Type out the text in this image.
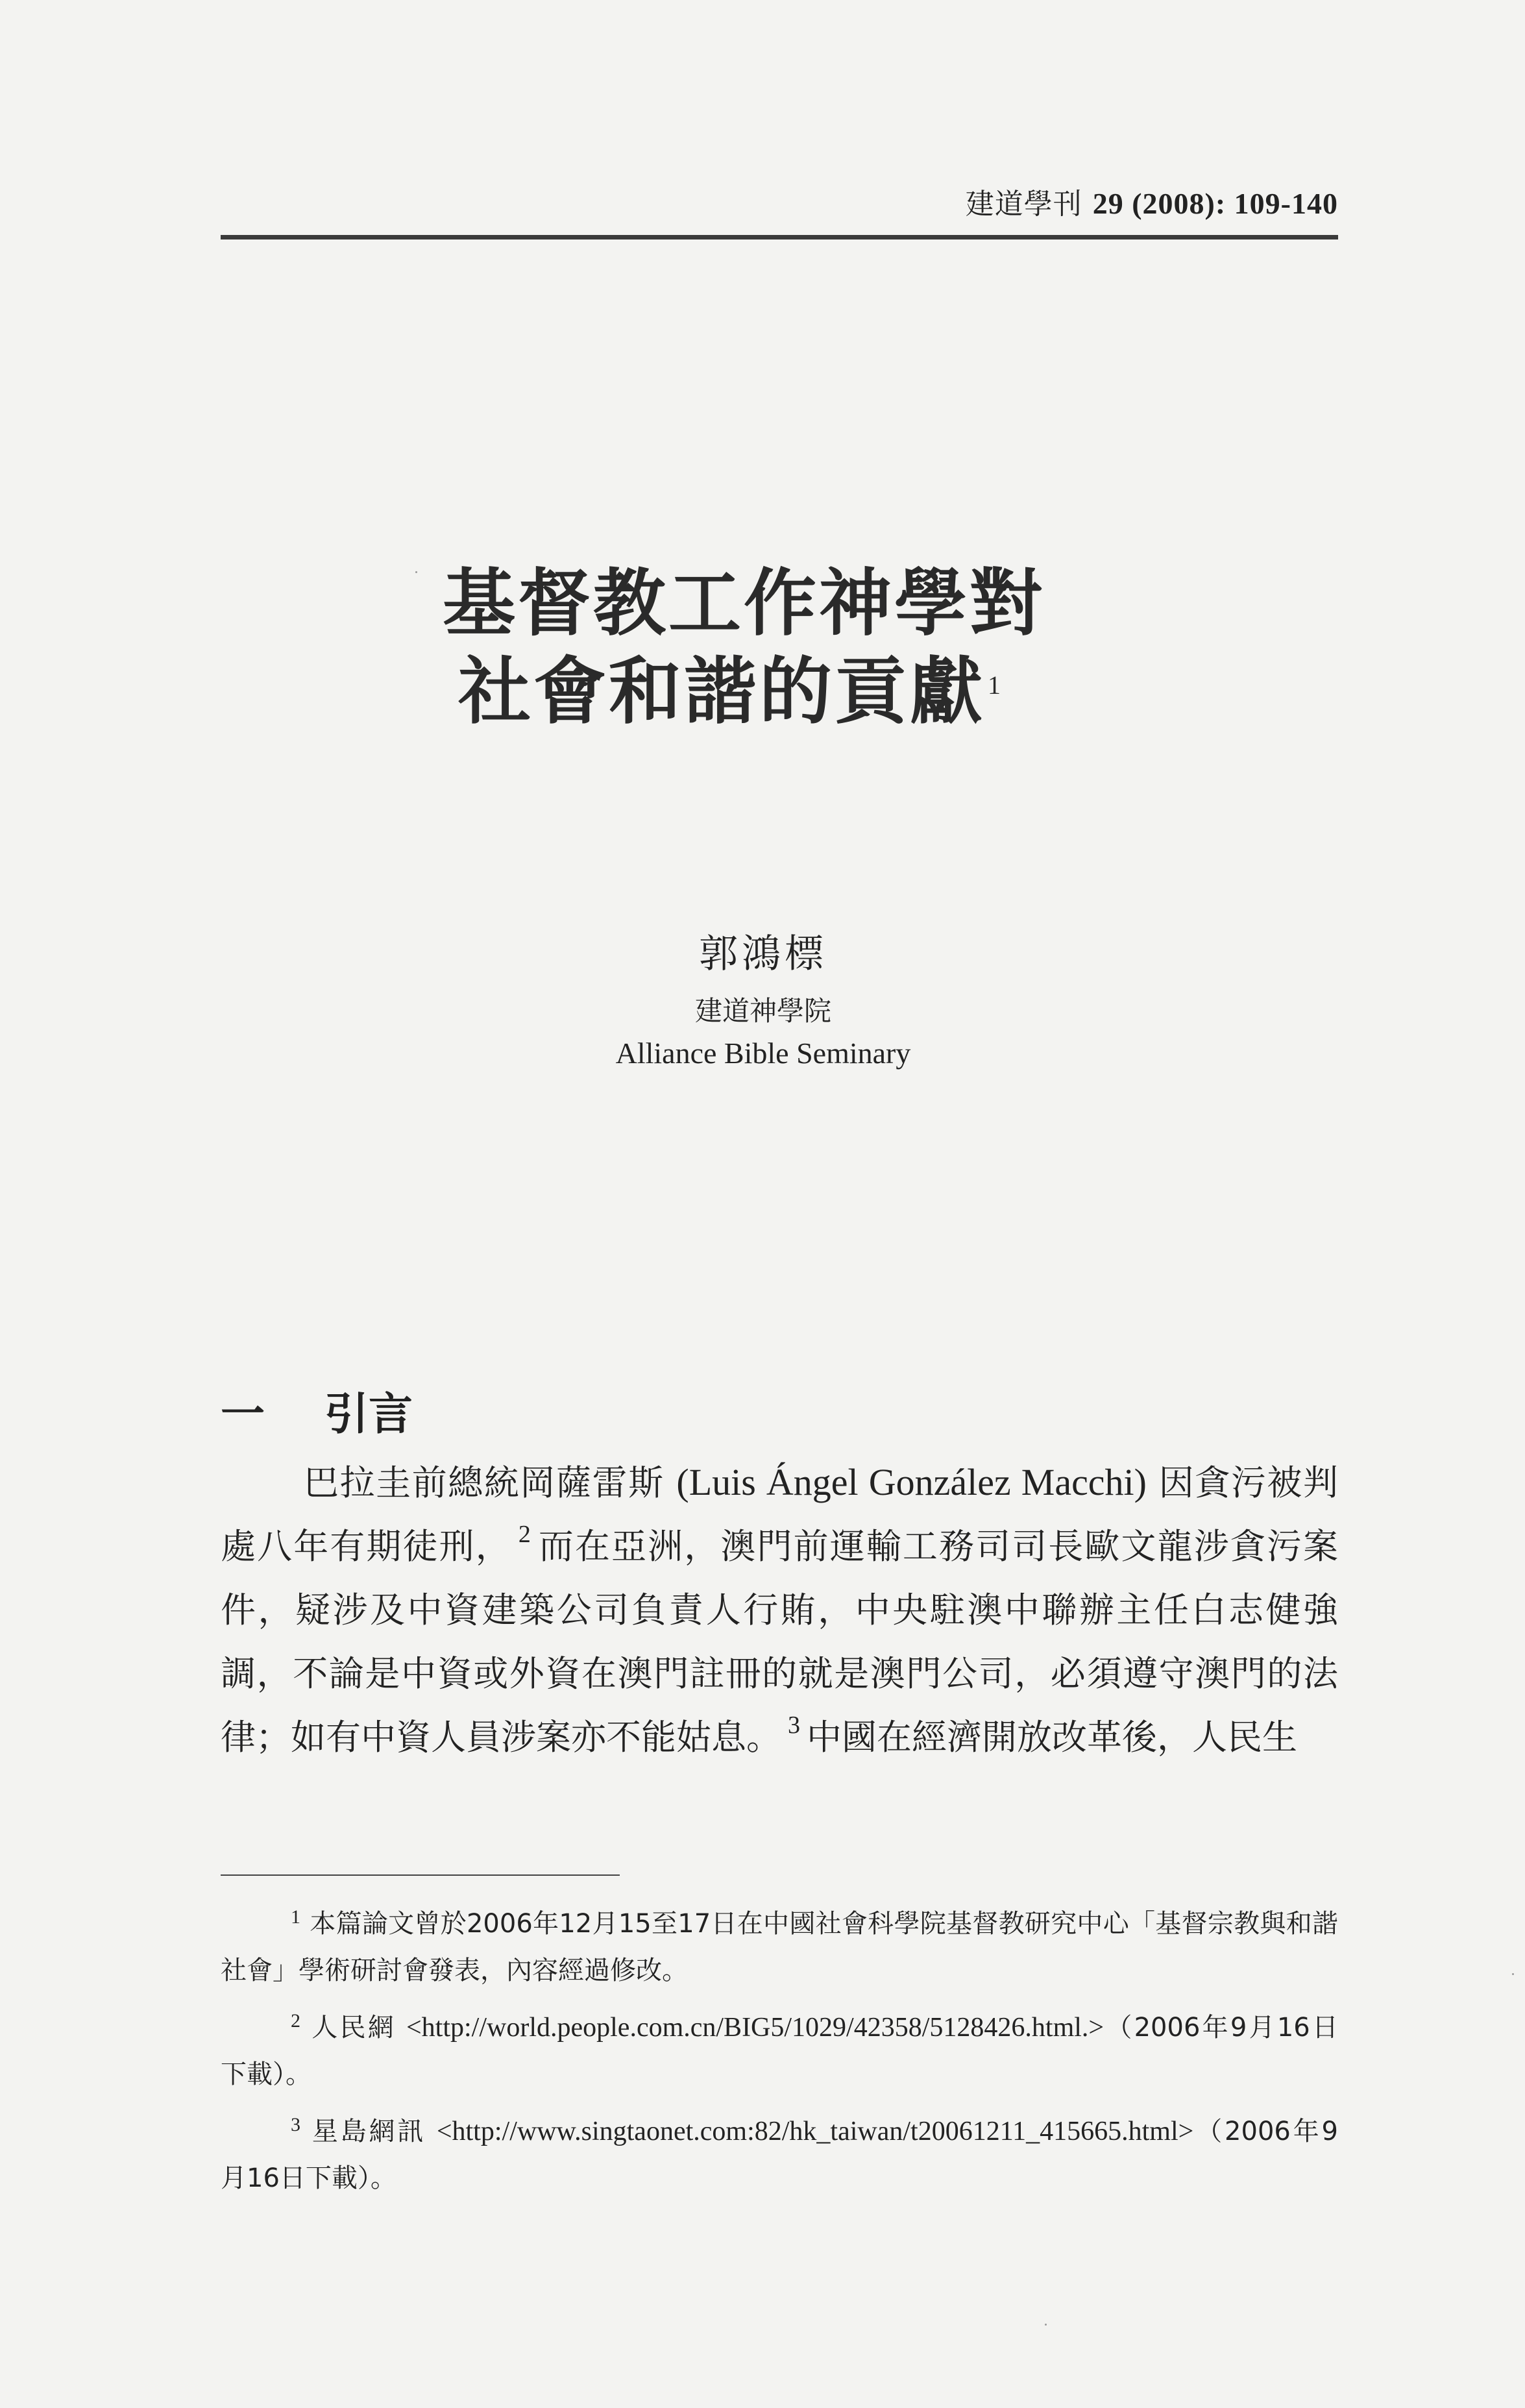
建道學刊 29 (2008): 109-140
基督教工作神學對
社會和諧的貢獻 $^1$
郭鴻標
建道神學院
Alliance Bible Seminary
一 引言

巴拉圭前總統岡薩雷斯 (Luis Ángel González Macchi) 因貪污被判處八年有期徒刑， $^2$ 而在亞洲，澳門前運輸工務司司長歐文龍涉貪污案件，疑涉及中資建築公司負責人行賄，中央駐澳中聯辦主任白志健強調，不論是中資或外資在澳門註冊的就是澳門公司，必須遵守澳門的法律；如有中資人員涉案亦不能姑息。 $^3$ 中國在經濟開放改革後，人民生

$^1$ 本篇論文曾於2006年12月15至17日在中國社會科學院基督教研究中心「基督宗教與和諧社會」學術研討會發表，內容經過修改。

$^2$ 人民網 <http://world.people.com.cn/BIG5/1029/42358/5128426.html.>（2006年9月16日下載）。

$^3$ 星島網訊 <http://www.singtaonet.com:82/hk_taiwan/t20061211_415665.html>（2006年9月16日下載）。
